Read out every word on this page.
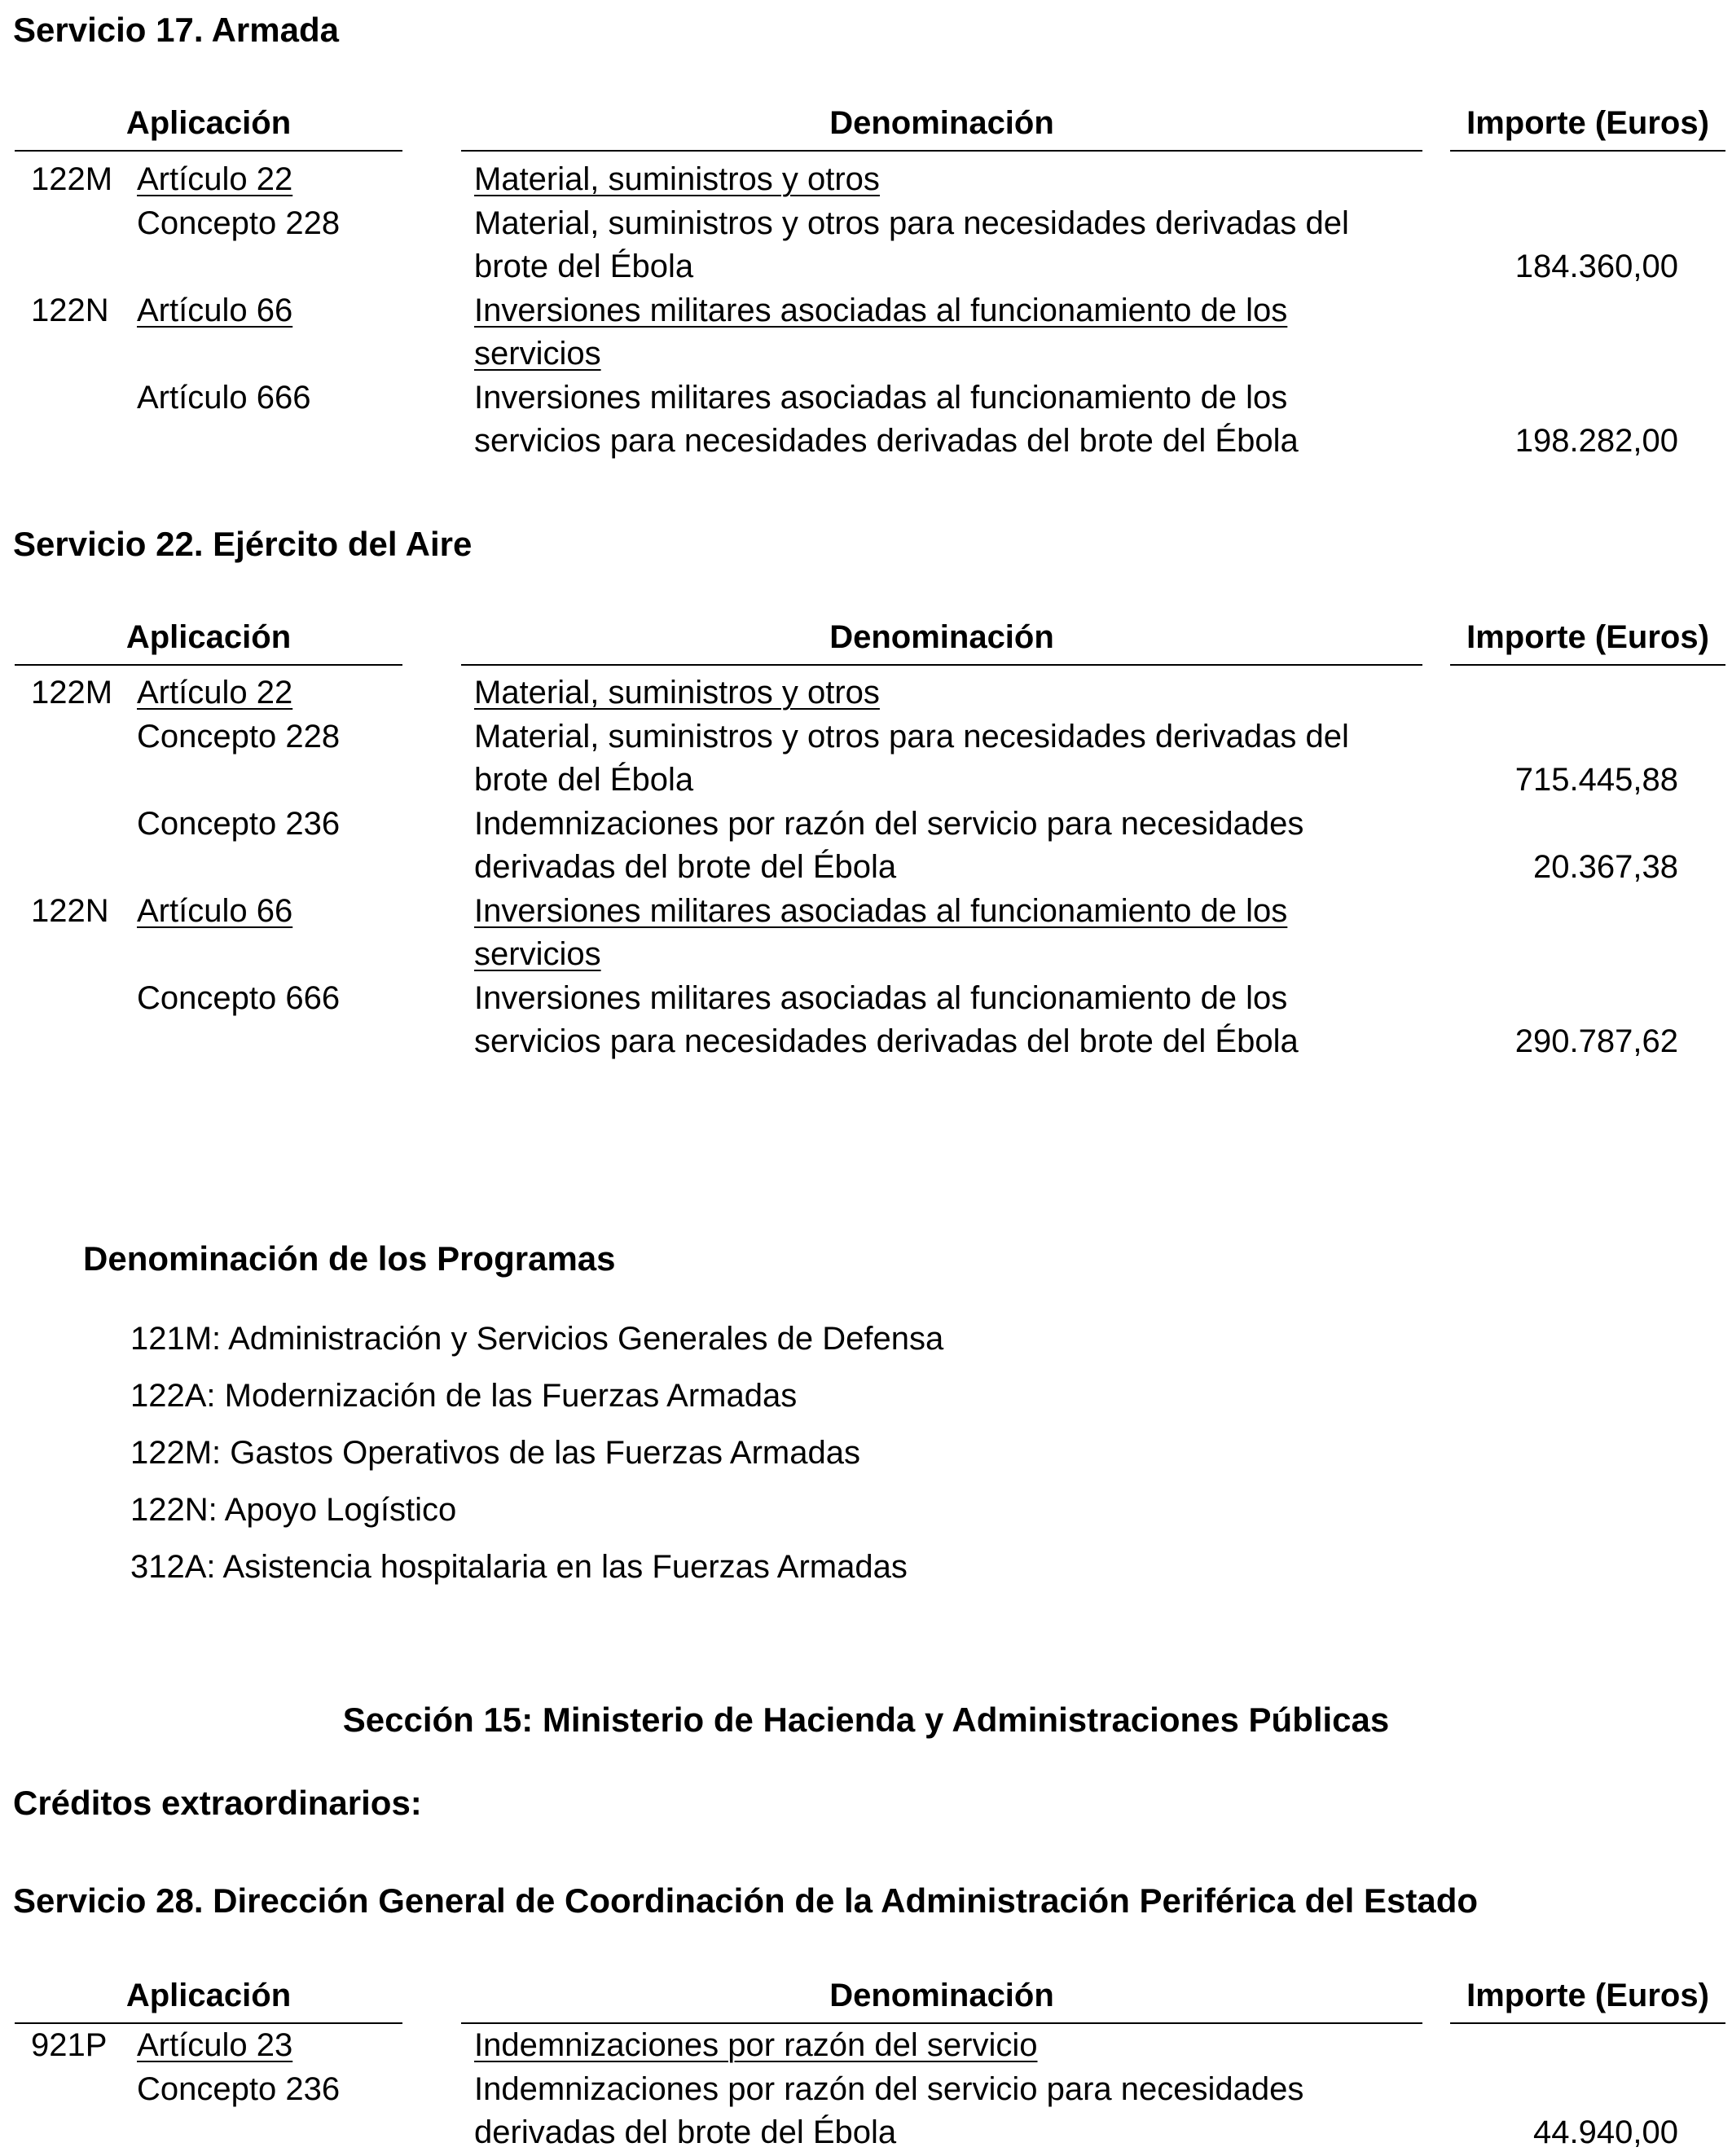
Servicio 17. Armada
Aplicación	Denominación	Importe (Euros)
122M Artículo 22	Material, suministros y otros
Concepto 228	Material, suministros y otros para necesidades derivadas del brote del Ébola	184.360,00
122N Artículo 66	Inversiones militares asociadas al funcionamiento de los servicios
Artículo 666	Inversiones militares asociadas al funcionamiento de los servicios para necesidades derivadas del brote del Ébola	198.282,00
Servicio 22. Ejército del Aire
Aplicación	Denominación	Importe (Euros)
122M Artículo 22	Material, suministros y otros
Concepto 228	Material, suministros y otros para necesidades derivadas del brote del Ébola	715.445,88
Concepto 236	Indemnizaciones por razón del servicio para necesidades derivadas del brote del Ébola	20.367,38
122N Artículo 66	Inversiones militares asociadas al funcionamiento de los servicios
Concepto 666	Inversiones militares asociadas al funcionamiento de los servicios para necesidades derivadas del brote del Ébola	290.787,62
Denominación de los Programas
121M: Administración y Servicios Generales de Defensa
122A: Modernización de las Fuerzas Armadas
122M: Gastos Operativos de las Fuerzas Armadas
122N: Apoyo Logístico
312A: Asistencia hospitalaria en las Fuerzas Armadas
Sección 15: Ministerio de Hacienda y Administraciones Públicas
Créditos extraordinarios:
Servicio 28. Dirección General de Coordinación de la Administración Periférica del Estado
Aplicación	Denominación	Importe (Euros)
921P Artículo 23	Indemnizaciones por razón del servicio
Concepto 236	Indemnizaciones por razón del servicio para necesidades derivadas del brote del Ébola	44.940,00
